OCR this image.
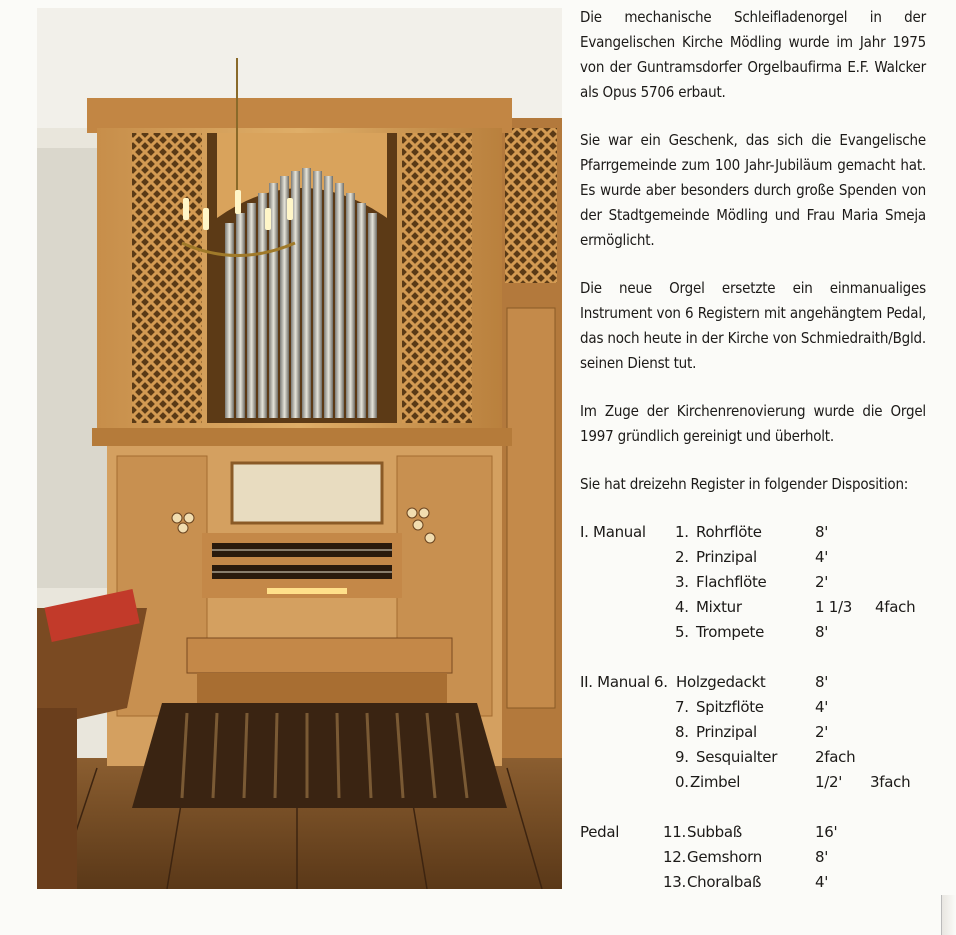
Die mechanische Schleifladenorgel in der Evangelischen Kirche Mödling wurde im Jahr 1975 von der Guntramsdorfer Orgelbaufirma E.F. Walcker als Opus 5706 erbaut.

Sie war ein Geschenk, das sich die Evangelische Pfarrgemeinde zum 100 Jahr-Jubiläum gemacht hat. Es wurde aber besonders durch große Spenden von der Stadtgemeinde Mödling und Frau Maria Smeja ermöglicht.

Die neue Orgel ersetzte ein einmanualiges Instrument von 6 Registern mit angehängtem Pedal, das noch heute in der Kirche von Schmiedraith/Bgld. seinen Dienst tut.

Im Zuge der Kirchenrenovierung wurde die Orgel 1997 gründlich gereinigt und überholt.

Sie hat dreizehn Register in folgender Disposition:

I. Manual 1. Rohrflöte	8'
2. Prinzipal	4'
3. Flachflöte	2'
4. Mixtur	1 1/3 4fach
5. Trompete	8'
II. Manual 6. Holzgedackt	8'
7. Spitzflöte	4'
8. Prinzipal	2'
9. Sesquialter	2fach
0. Zimbel	1/2' 3fach
Pedal	11. Subbaß	16'
12. Gemshorn	8'
13. Choralbaß	4'
